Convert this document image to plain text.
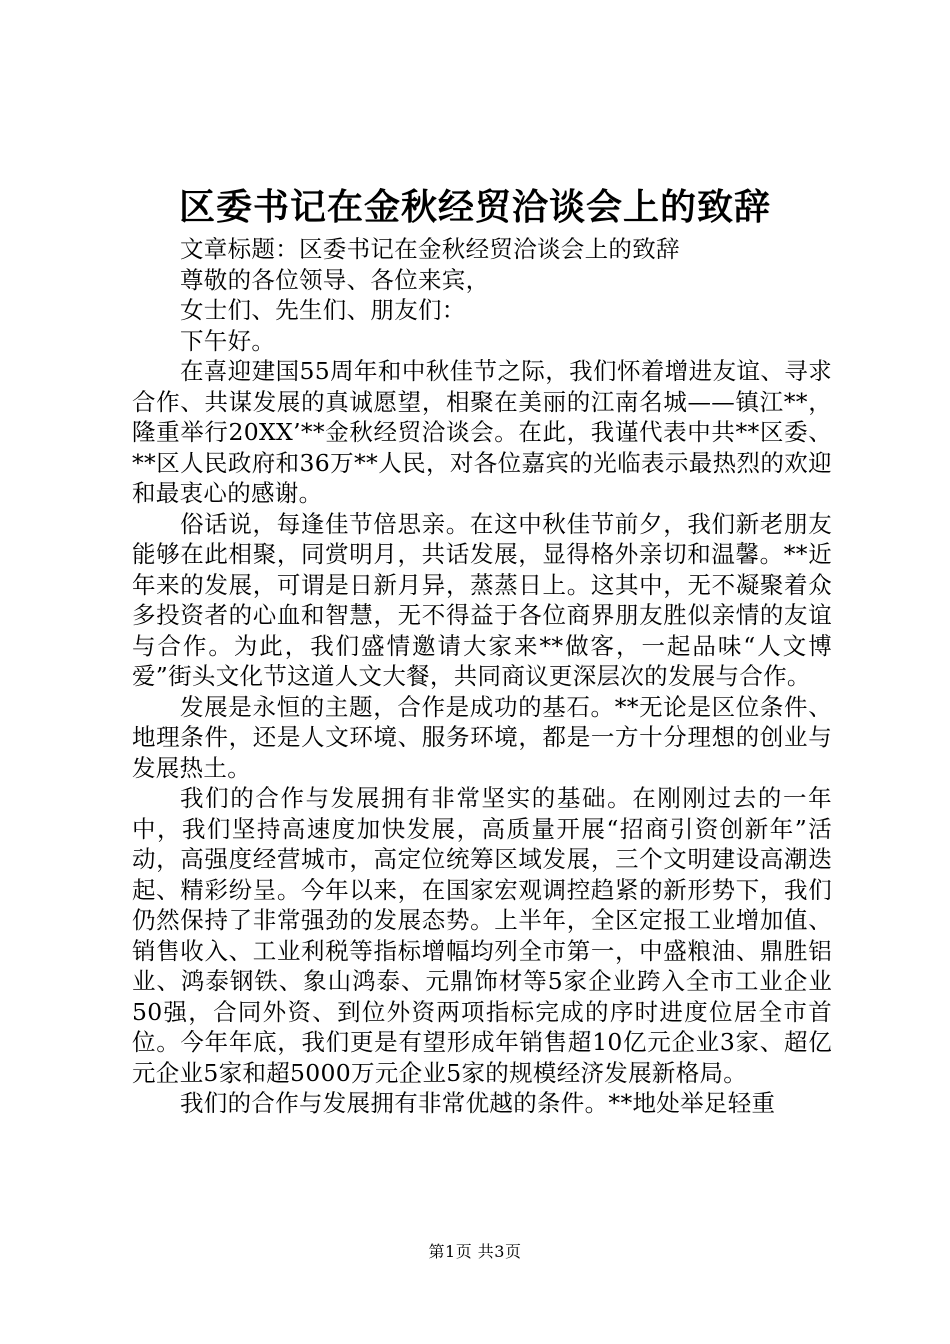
区委书记在金秋经贸洽谈会上的致辞

文章标题：区委书记在金秋经贸洽谈会上的致辞

尊敬的各位领导、各位来宾，

女士们、先生们、朋友们：

下午好。

在喜迎建国55周年和中秋佳节之际，我们怀着增进友谊、寻求合作、共谋发展的真诚愿望，相聚在美丽的江南名城——镇江**，隆重举行20XX’**金秋经贸洽谈会。在此，我谨代表中共**区委、**区人民政府和36万**人民，对各位嘉宾的光临表示最热烈的欢迎和最衷心的感谢。

俗话说，每逢佳节倍思亲。在这中秋佳节前夕，我们新老朋友能够在此相聚，同赏明月，共话发展，显得格外亲切和温馨。**近年来的发展，可谓是日新月异，蒸蒸日上。这其中，无不凝聚着众多投资者的心血和智慧，无不得益于各位商界朋友胜似亲情的友谊与合作。为此，我们盛情邀请大家来**做客，一起品味“人文博爱”街头文化节这道人文大餐，共同商议更深层次的发展与合作。

发展是永恒的主题，合作是成功的基石。**无论是区位条件、地理条件，还是人文环境、服务环境，都是一方十分理想的创业与发展热土。

我们的合作与发展拥有非常坚实的基础。在刚刚过去的一年中，我们坚持高速度加快发展，高质量开展“招商引资创新年”活动，高强度经营城市，高定位统筹区域发展，三个文明建设高潮迭起、精彩纷呈。今年以来，在国家宏观调控趋紧的新形势下，我们仍然保持了非常强劲的发展态势。上半年，全区定报工业增加值、销售收入、工业利税等指标增幅均列全市第一，中盛粮油、鼎胜铝业、鸿泰钢铁、象山鸿泰、元鼎饰材等5家企业跨入全市工业企业50强，合同外资、到位外资两项指标完成的序时进度位居全市首位。今年年底，我们更是有望形成年销售超10亿元企业3家、超亿元企业5家和超5000万元企业5家的规模经济发展新格局。

我们的合作与发展拥有非常优越的条件。**地处举足轻重

第1页 共3页
